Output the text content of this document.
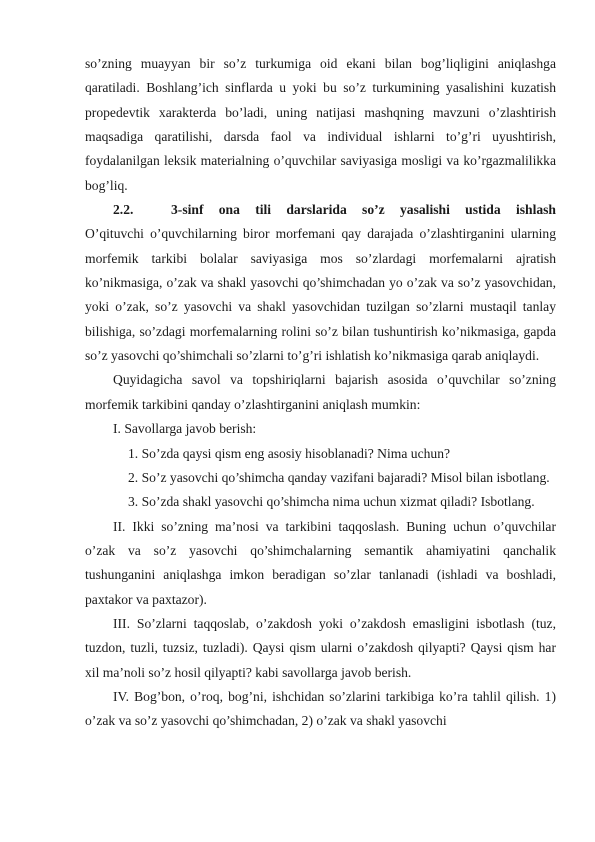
so’zning muayyan bir so’z turkumiga oid ekani bilan bog’liqligini aniqlashga qaratiladi. Boshlang’ich sinflarda u yoki bu so’z turkumining yasalishini kuzatish propedevtik xarakterda bo’ladi, uning natijasi mashqning mavzuni o’zlashtirish maqsadiga qaratilishi, darsda faol va individual ishlarni to’g’ri uyushtirish, foydalanilgan leksik materialning o’quvchilar saviyasiga mosligi va ko’rgazmalilikka bog’liq.

2.2.	3-sinf ona tili darslarida so’z yasalishi ustida ishlash

O’qituvchi o’quvchilarning biror morfemani qay darajada o’zlashtirganini ularning morfemik tarkibi bolalar saviyasiga mos so’zlardagi morfemalarni ajratish ko’nikmasiga, o’zak va shakl yasovchi qo’shimchadan yo o’zak va so’z yasovchidan, yoki o’zak, so’z yasovchi va shakl yasovchidan tuzilgan so’zlarni mustaqil tanlay bilishiga, so’zdagi morfemalarning rolini so’z bilan tushuntirish ko’nikmasiga, gapda so’z yasovchi qo’shimchali so’zlarni to’g’ri ishlatish ko’nikmasiga qarab aniqlaydi.

Quyidagicha savol va topshiriqlarni bajarish asosida o’quvchilar so’zning morfemik tarkibini qanday o’zlashtirganini aniqlash mumkin:

I. Savollarga javob berish:

1. So’zda qaysi qism eng asosiy hisoblanadi? Nima uchun?

2. So’z yasovchi qo’shimcha qanday vazifani bajaradi? Misol bilan isbotlang.

3. So’zda shakl yasovchi qo’shimcha nima uchun xizmat qiladi? Isbotlang.

II. Ikki so’zning ma’nosi va tarkibini taqqoslash. Buning uchun o’quvchilar o’zak va so’z yasovchi qo’shimchalarning semantik ahamiyatini qanchalik tushunganini aniqlashga imkon beradigan so’zlar tanlanadi (ishladi va boshladi, paxtakor va paxtazor).

III. So’zlarni taqqoslab, o’zakdosh yoki o’zakdosh emasligini isbotlash (tuz, tuzdon, tuzli, tuzsiz, tuzladi). Qaysi qism ularni o’zakdosh qilyapti? Qaysi qism har xil ma’noli so’z hosil qilyapti? kabi savollarga javob berish.

IV. Bog’bon, o’roq, bog’ni, ishchidan so’zlarini tarkibiga ko’ra tahlil qilish. 1) o’zak va so’z yasovchi qo’shimchadan, 2) o’zak va shakl yasovchi
